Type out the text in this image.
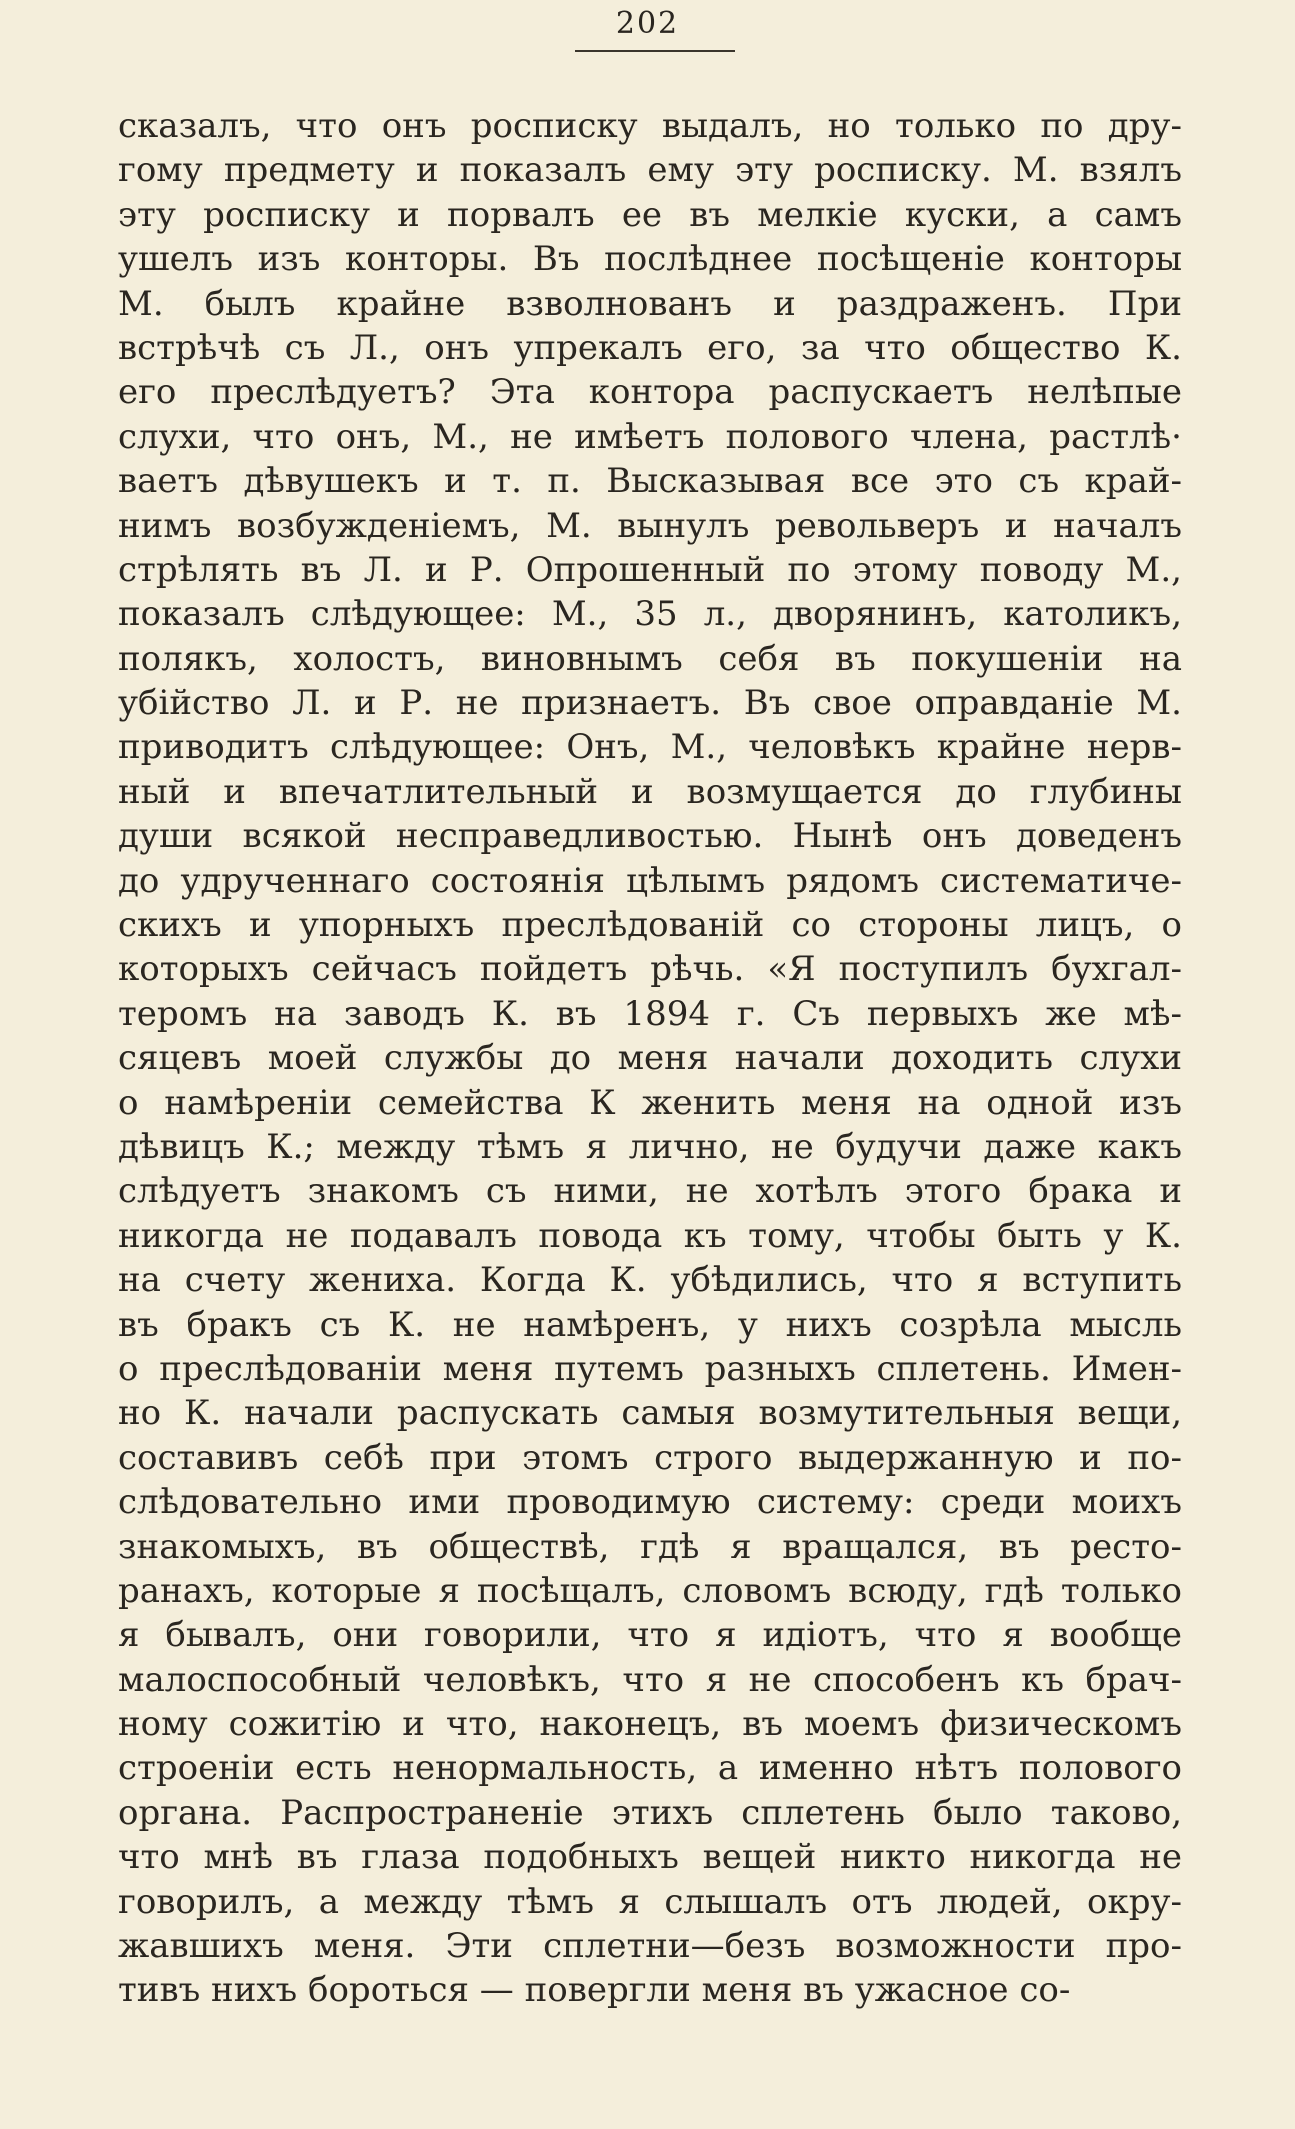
202
сказалъ, что онъ росписку выдалъ, но только по дру-
гому предмету и показалъ ему эту росписку. М. взялъ
эту росписку и порвалъ ее въ мелкiе куски, а самъ
ушелъ изъ конторы. Въ послѣднее посѣщенiе конторы
М. былъ крайне взволнованъ и раздраженъ. При
встрѣчѣ съ Л., онъ упрекалъ его, за что общество К.
его преслѣдуетъ? Эта контора распускаетъ нелѣпые
слухи, что онъ, М., не имѣетъ полового члена, растлѣ·
ваетъ дѣвушекъ и т. п. Высказывая все это съ край-
нимъ возбужденiемъ, М. вынулъ револьверъ и началъ
стрѣлять въ Л. и Р. Опрошенный по этому поводу М.,
показалъ слѣдующее: М., 35 л., дворянинъ, католикъ,
полякъ, холостъ, виновнымъ себя въ покушенiи на
убiйство Л. и Р. не признаетъ. Въ свое оправданiе М.
приводитъ слѣдующее: Онъ, М., человѣкъ крайне нерв-
ный и впечатлительный и возмущается до глубины
души всякой несправедливостью. Нынѣ онъ доведенъ
до удрученнаго состоянiя цѣлымъ рядомъ систематиче-
скихъ и упорныхъ преслѣдованiй со стороны лицъ, о
которыхъ сейчасъ пойдетъ рѣчь. «Я поступилъ бухгал-
теромъ на заводъ К. въ 1894 г. Съ первыхъ же мѣ-
сяцевъ моей службы до меня начали доходить слухи
о намѣренiи семейства К женить меня на одной изъ
дѣвицъ К.; между тѣмъ я лично, не будучи даже какъ
слѣдуетъ знакомъ съ ними, не хотѣлъ этого брака и
никогда не подавалъ повода къ тому, чтобы быть у К.
на счету жениха. Когда К. убѣдились, что я вступить
въ бракъ съ К. не намѣренъ, у нихъ созрѣла мысль
о преслѣдованiи меня путемъ разныхъ сплетень. Имен-
но К. начали распускать самыя возмутительныя вещи,
составивъ себѣ при этомъ строго выдержанную и по-
слѣдовательно ими проводимую систему: среди моихъ
знакомыхъ, въ обществѣ, гдѣ я вращался, въ ресто-
ранахъ, которые я посѣщалъ, словомъ всюду, гдѣ только
я бывалъ, они говорили, что я идiотъ, что я вообще
малоспособный человѣкъ, что я не способенъ къ брач-
ному сожитiю и что, наконецъ, въ моемъ физическомъ
строенiи есть ненормальность, а именно нѣтъ полового
органа. Распространенiе этихъ сплетень было таково,
что мнѣ въ глаза подобныхъ вещей никто никогда не
говорилъ, а между тѣмъ я слышалъ отъ людей, окру-
жавшихъ меня. Эти сплетни—безъ возможности про-
тивъ нихъ бороться — повергли меня въ ужасное со-
